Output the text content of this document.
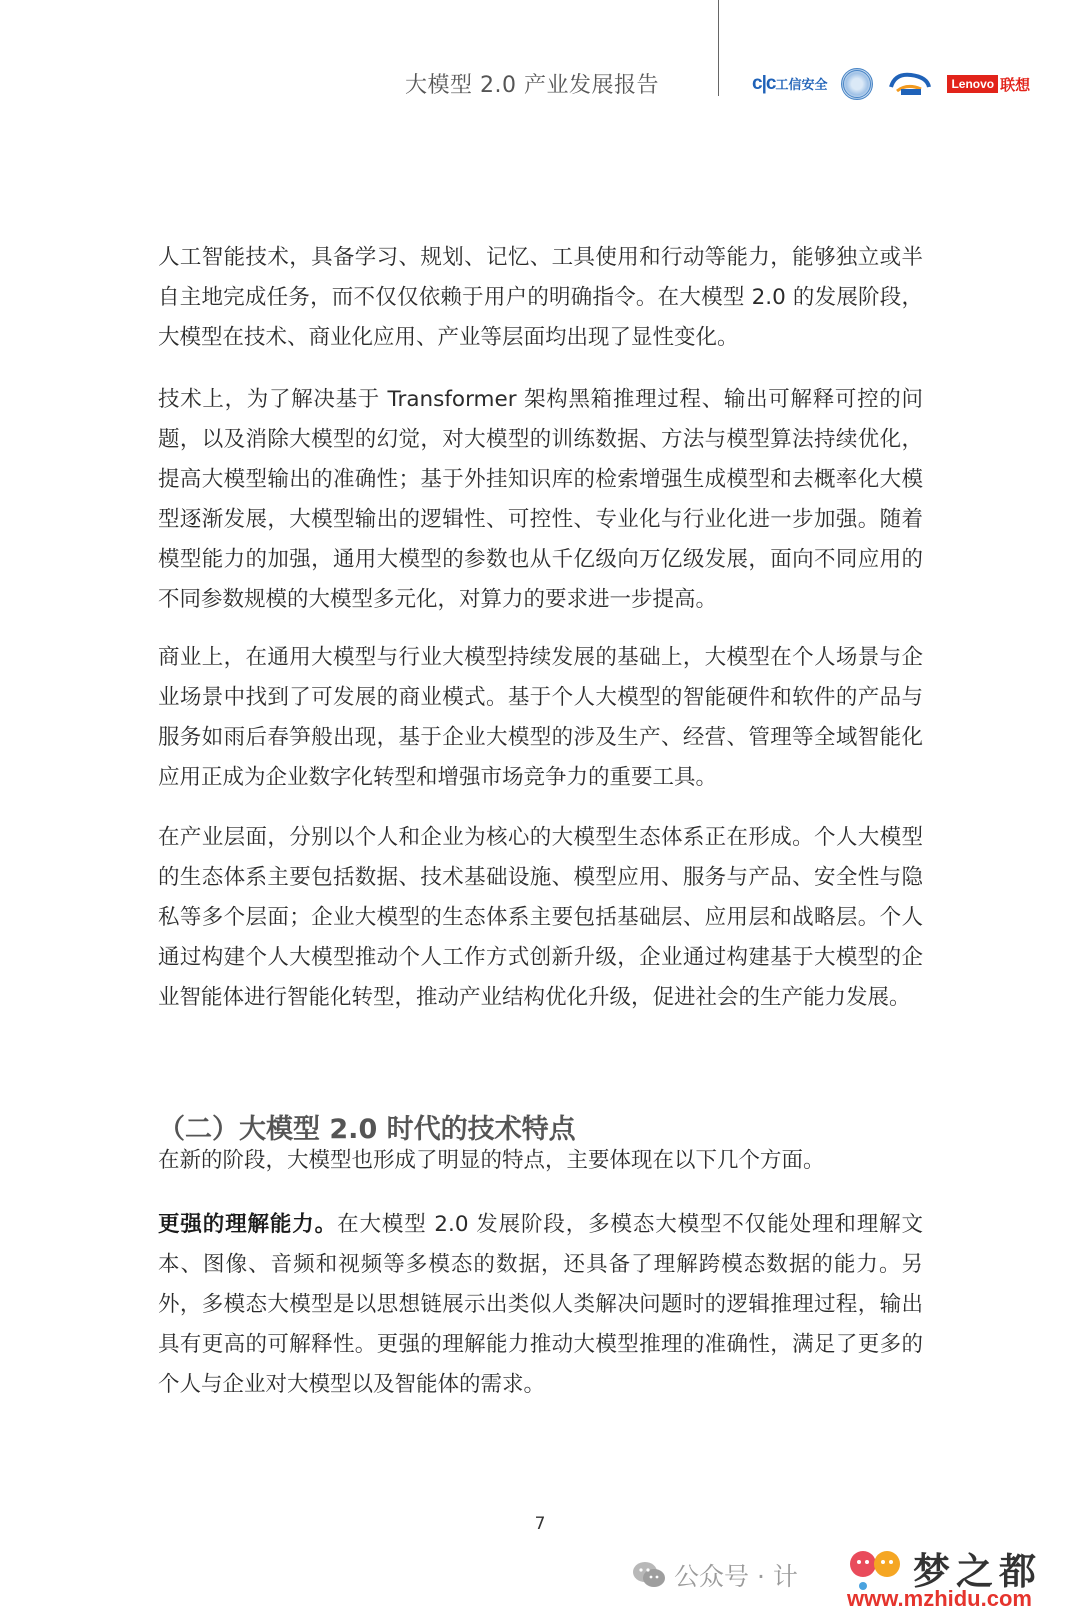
大模型 2.0 产业发展报告	c|c工信安全	Lenovo 联想

人工智能技术，具备学习、规划、记忆、工具使用和行动等能力，能够独立或半自主地完成任务，而不仅仅依赖于用户的明确指令。在大模型 2.0 的发展阶段，大模型在技术、商业化应用、产业等层面均出现了显性变化。

技术上，为了解决基于 Transformer 架构黑箱推理过程、输出可解释可控的问题，以及消除大模型的幻觉，对大模型的训练数据、方法与模型算法持续优化，提高大模型输出的准确性；基于外挂知识库的检索增强生成模型和去概率化大模型逐渐发展，大模型输出的逻辑性、可控性、专业化与行业化进一步加强。随着模型能力的加强，通用大模型的参数也从千亿级向万亿级发展，面向不同应用的不同参数规模的大模型多元化，对算力的要求进一步提高。

商业上，在通用大模型与行业大模型持续发展的基础上，大模型在个人场景与企业场景中找到了可发展的商业模式。基于个人大模型的智能硬件和软件的产品与服务如雨后春笋般出现，基于企业大模型的涉及生产、经营、管理等全域智能化应用正成为企业数字化转型和增强市场竞争力的重要工具。

在产业层面，分别以个人和企业为核心的大模型生态体系正在形成。个人大模型的生态体系主要包括数据、技术基础设施、模型应用、服务与产品、安全性与隐私等多个层面；企业大模型的生态体系主要包括基础层、应用层和战略层。个人通过构建个人大模型推动个人工作方式创新升级，企业通过构建基于大模型的企业智能体进行智能化转型，推动产业结构优化升级，促进社会的生产能力发展。

（二）大模型 2.0 时代的技术特点

在新的阶段，大模型也形成了明显的特点，主要体现在以下几个方面。

更强的理解能力。在大模型 2.0 发展阶段，多模态大模型不仅能处理和理解文本、图像、音频和视频等多模态的数据，还具备了理解跨模态数据的能力。另外，多模态大模型是以思想链展示出类似人类解决问题时的逻辑推理过程，输出具有更高的可解释性。更强的理解能力推动大模型推理的准确性，满足了更多的个人与企业对大模型以及智能体的需求。

7
公众号 · 计	梦之都
www.mzhidu.com
